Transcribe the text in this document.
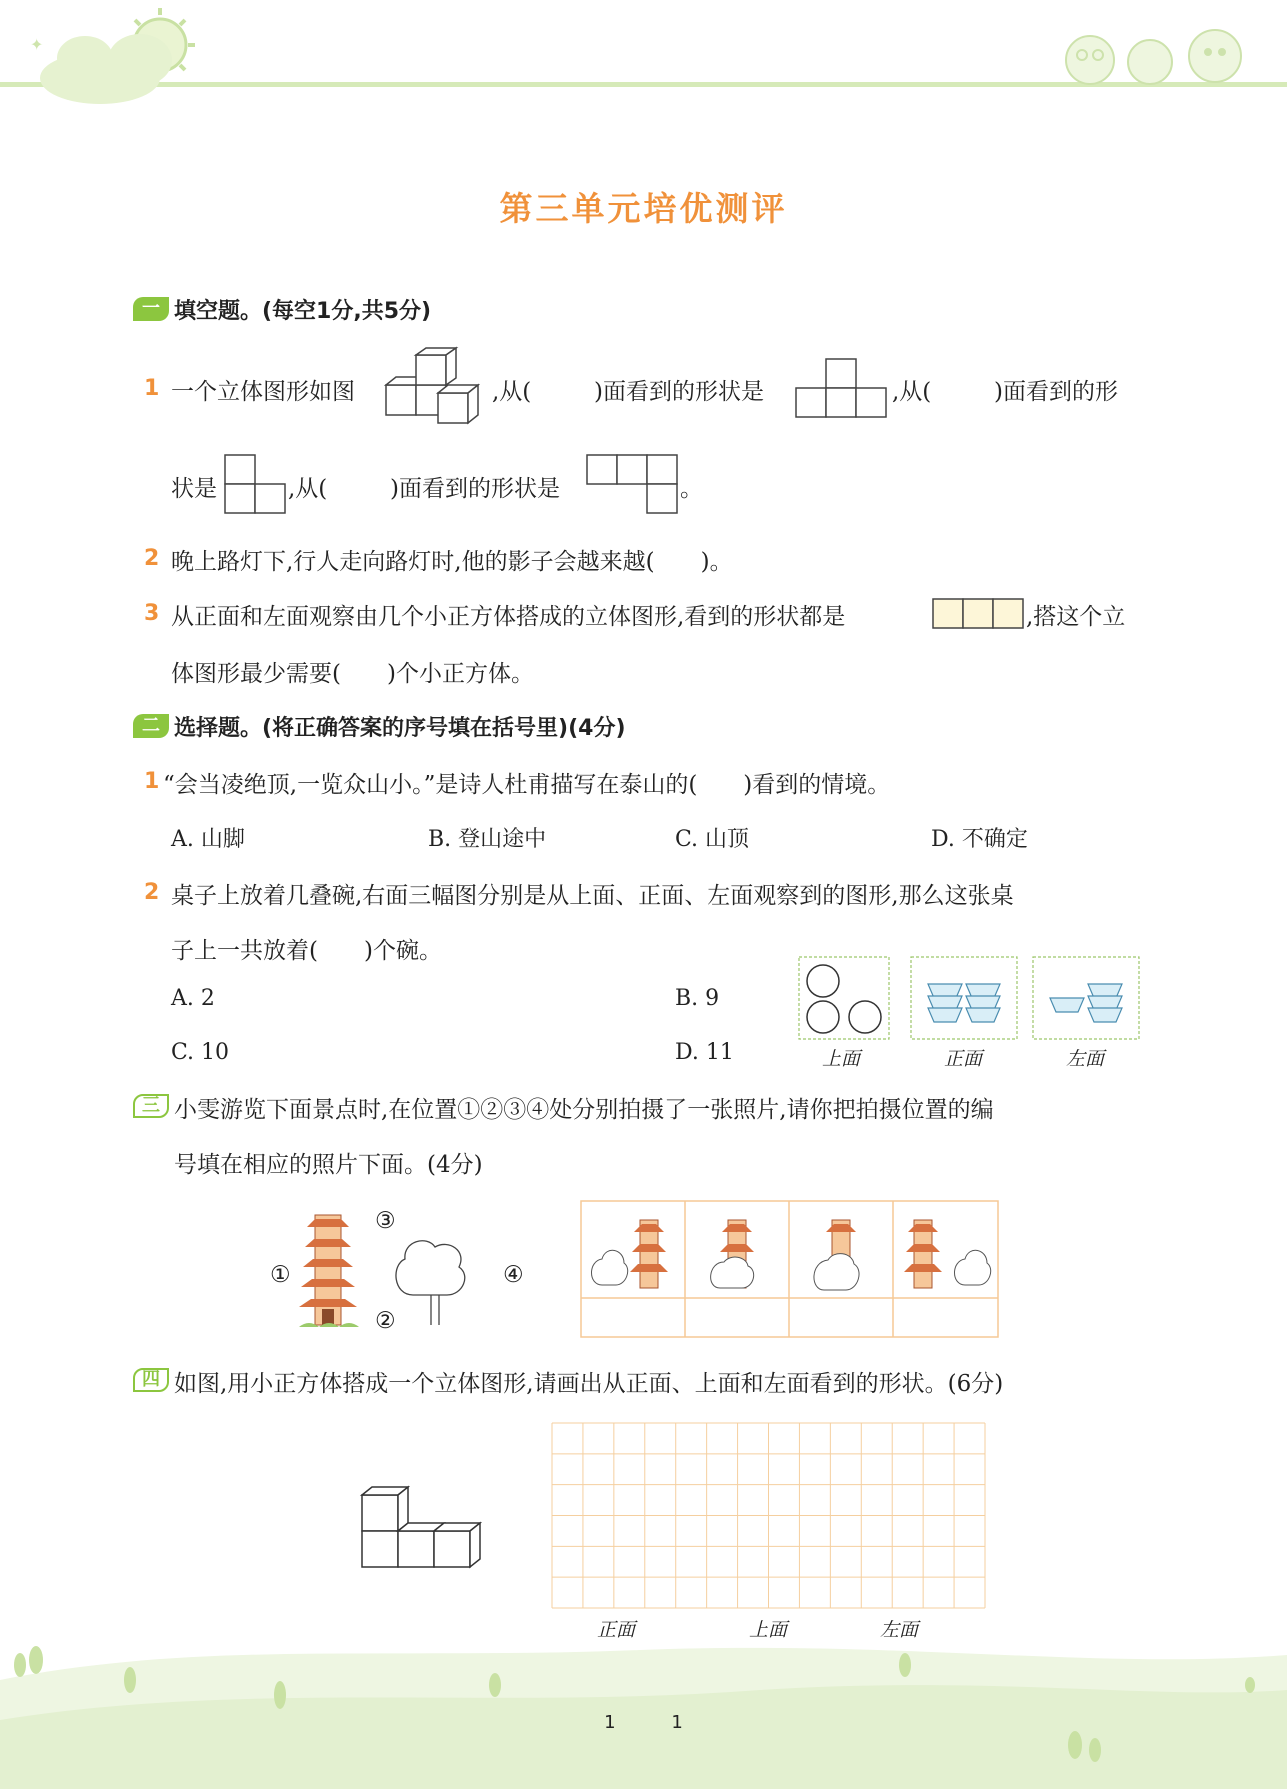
✦
第三单元培优测评
一 填空题。(每空1分,共5分)
1 一个立体图形如图	,从(	)面看到的形状是	,从(	)面看到的形
状是	,从(	)面看到的形状是	。
2 晚上路灯下,行人走向路灯时,他的影子会越来越(　　)。
3 从正面和左面观察由几个小正方体搭成的立体图形,看到的形状都是	,搭这个立
体图形最少需要(　　)个小正方体。
二 选择题。(将正确答案的序号填在括号里)(4分)
1 “会当凌绝顶,一览众山小。”是诗人杜甫描写在泰山的(　　)看到的情境。
A. 山脚	B. 登山途中	C. 山顶	D. 不确定
2 桌子上放着几叠碗,右面三幅图分别是从上面、正面、左面观察到的图形,那么这张桌
子上一共放着(　　)个碗。
A. 2	B. 9
C. 10	D. 11	上面	正面	左面
三 小雯游览下面景点时,在位置①②③④处分别拍摄了一张照片,请你把拍摄位置的编
号填在相应的照片下面。(4分)
①
②
③
④
四 如图,用小正方体搭成一个立体图形,请画出从正面、上面和左面看到的形状。(6分)
正面	上面	左面
1 1
